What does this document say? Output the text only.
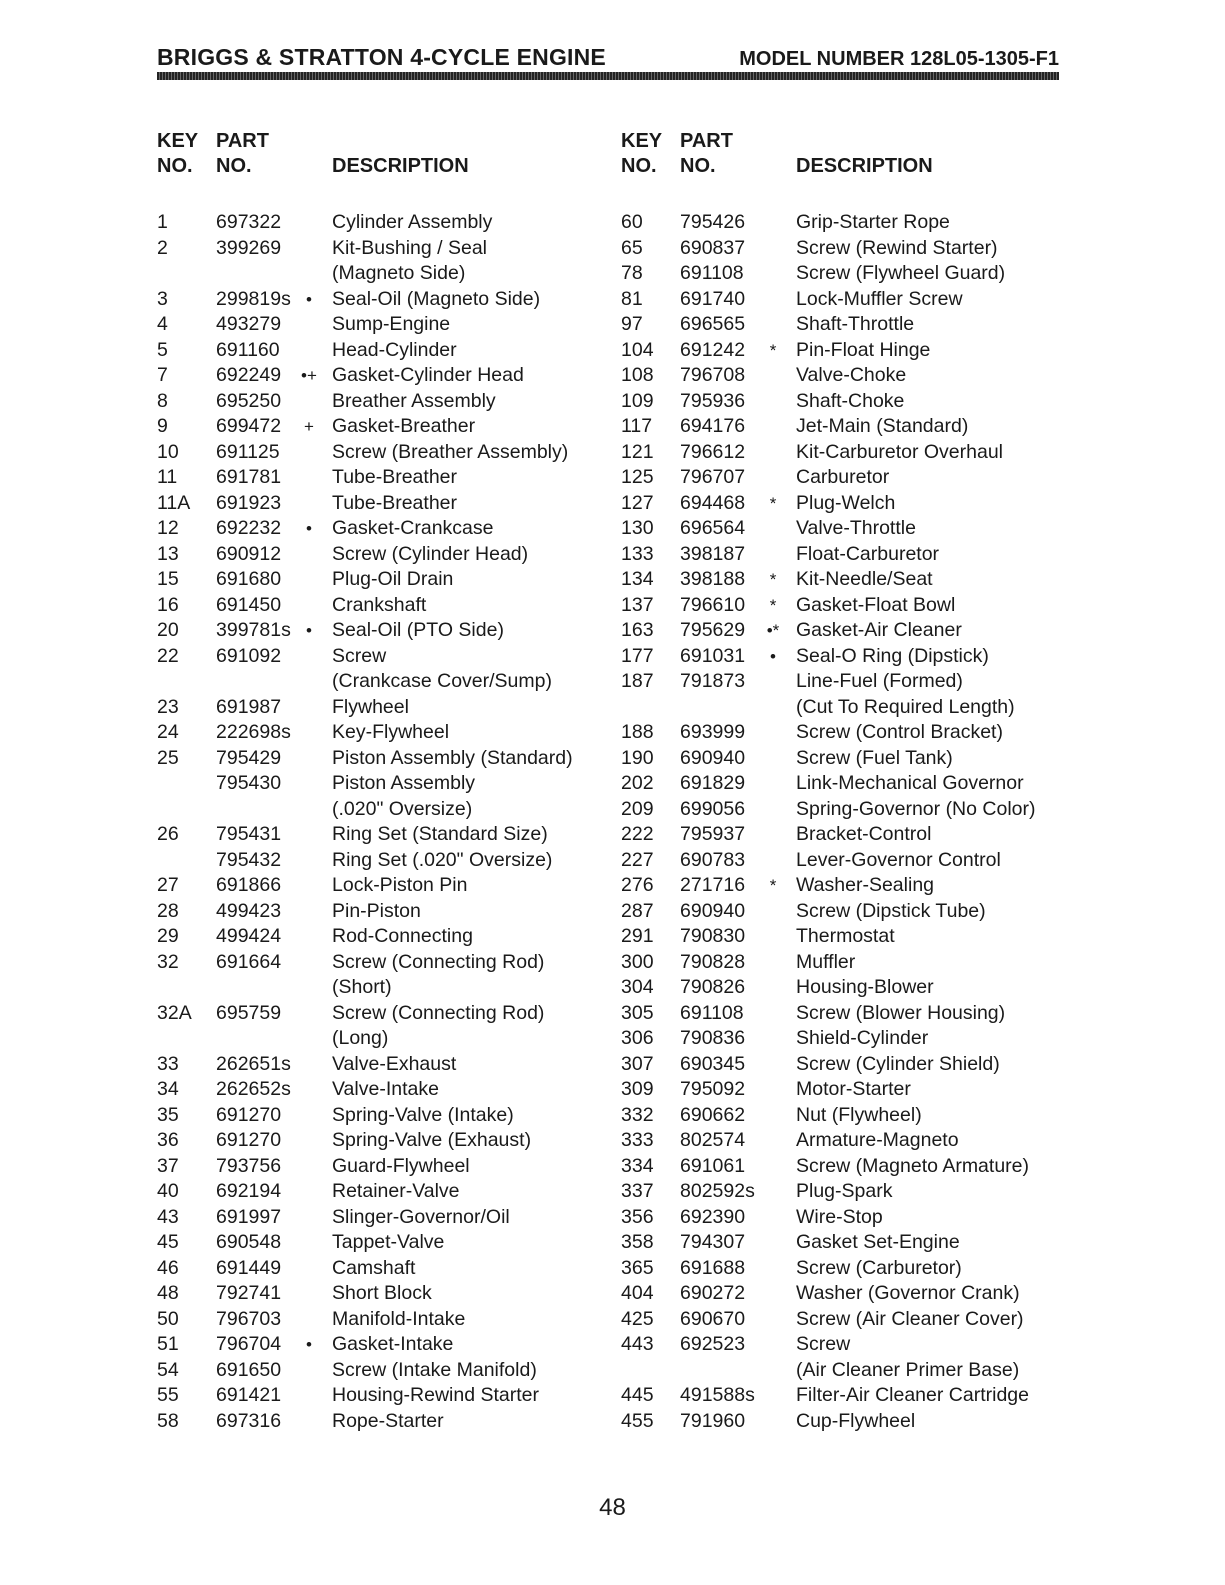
BRIGGS & STRATTON 4-CYCLE ENGINE	MODEL NUMBER 128L05-1305-F1
KEY
NO.
PART
NO.	DESCRIPTION
1 697322	Cylinder Assembly
2 399269	Kit-Bushing / Seal
(Magneto Side)
3 299819s •	Seal-Oil (Magneto Side)
4 493279	Sump-Engine
5 691160	Head-Cylinder
7 692249	•+ Gasket-Cylinder Head
8 695250	Breather Assembly
9 699472	+ Gasket-Breather
10 691125	Screw (Breather Assembly)
11 691781	Tube-Breather
11A 691923	Tube-Breather
12 692232	•	Gasket-Crankcase
13 690912	Screw (Cylinder Head)
15 691680	Plug-Oil Drain
16 691450	Crankshaft
20 399781s •	Seal-Oil (PTO Side)
22 691092	Screw
(Crankcase Cover/Sump)
23 691987	Flywheel
24 222698s Key-Flywheel
25 795429	Piston Assembly (Standard)
795430	Piston Assembly
(.020" Oversize)
26 795431	Ring Set (Standard Size)
795432	Ring Set (.020" Oversize)
27 691866	Lock-Piston Pin
28 499423	Pin-Piston
29 499424	Rod-Connecting
32 691664	Screw (Connecting Rod)
(Short)
32A 695759	Screw (Connecting Rod)
(Long)
33 262651s Valve-Exhaust
34 262652s Valve-Intake
35 691270	Spring-Valve (Intake)
36 691270	Spring-Valve (Exhaust)
37 793756	Guard-Flywheel
40 692194	Retainer-Valve
43 691997	Slinger-Governor/Oil
45 690548	Tappet-Valve
46 691449	Camshaft
48 792741	Short Block
50 796703	Manifold-Intake
51 796704	•	Gasket-Intake
54 691650	Screw (Intake Manifold)
55 691421	Housing-Rewind Starter
58 697316	Rope-Starter
KEY
NO.
PART
NO.	DESCRIPTION
60 795426	Grip-Starter Rope
65 690837	Screw (Rewind Starter)
78 691108	Screw (Flywheel Guard)
81 691740	Lock-Muffler Screw
97 696565	Shaft-Throttle
104 691242	*	Pin-Float Hinge
108 796708	Valve-Choke
109 795936	Shaft-Choke
117 694176	Jet-Main (Standard)
121 796612	Kit-Carburetor Overhaul
125 796707	Carburetor
127 694468	*	Plug-Welch
130 696564	Valve-Throttle
133 398187	Float-Carburetor
134 398188	*	Kit-Needle/Seat
137 796610	*	Gasket-Float Bowl
163 795629	•* Gasket-Air Cleaner
177 691031	•	Seal-O Ring (Dipstick)
187 791873	Line-Fuel (Formed)
(Cut To Required Length)
188 693999	Screw (Control Bracket)
190 690940	Screw (Fuel Tank)
202 691829	Link-Mechanical Governor
209 699056	Spring-Governor (No Color)
222 795937	Bracket-Control
227 690783	Lever-Governor Control
276 271716	*	Washer-Sealing
287 690940	Screw (Dipstick Tube)
291 790830	Thermostat
300 790828	Muffler
304 790826	Housing-Blower
305 691108	Screw (Blower Housing)
306 790836	Shield-Cylinder
307 690345	Screw (Cylinder Shield)
309 795092	Motor-Starter
332 690662	Nut (Flywheel)
333 802574	Armature-Magneto
334 691061	Screw (Magneto Armature)
337 802592s Plug-Spark
356 692390	Wire-Stop
358 794307	Gasket Set-Engine
365 691688	Screw (Carburetor)
404 690272	Washer (Governor Crank)
425 690670	Screw (Air Cleaner Cover)
443 692523	Screw
(Air Cleaner Primer Base)
445 491588s Filter-Air Cleaner Cartridge
455 791960	Cup-Flywheel
48
